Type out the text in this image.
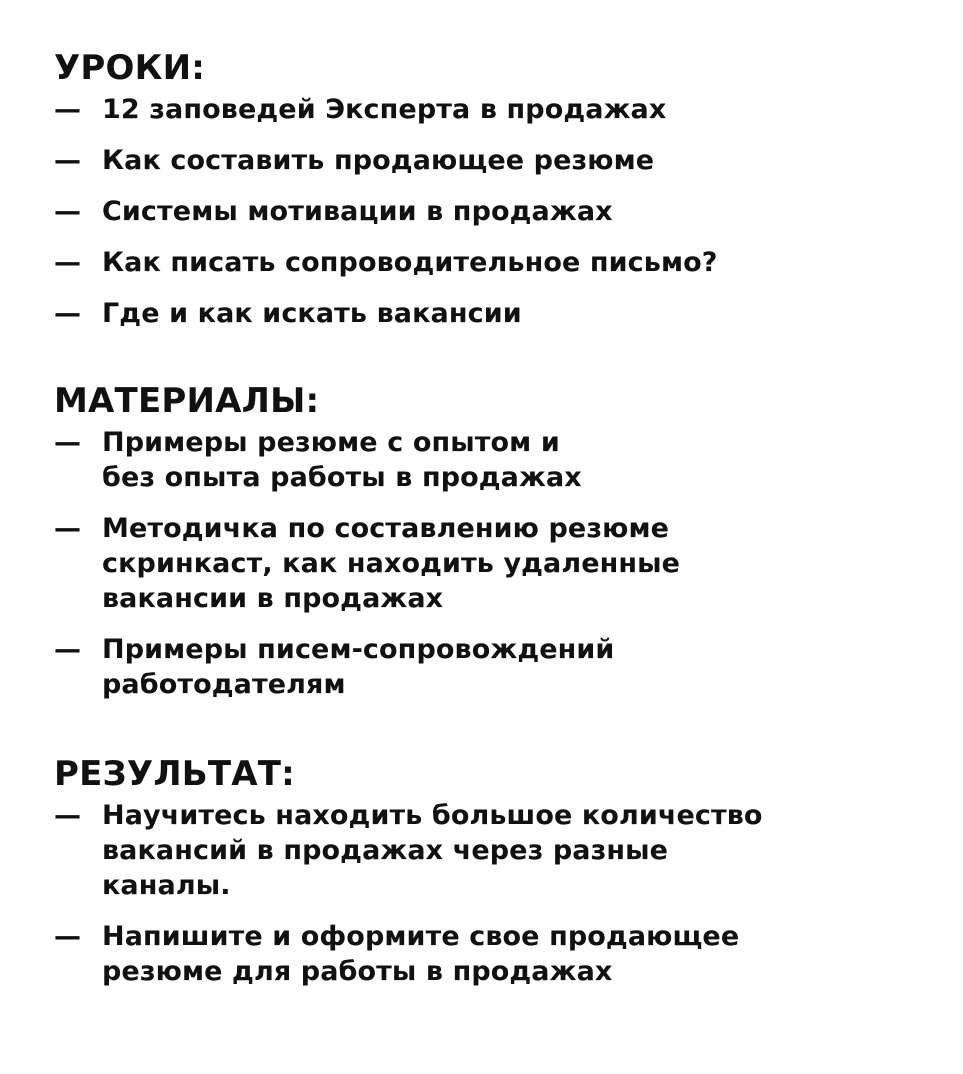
УРОКИ:
— 12 заповедей Эксперта в продажах
— Как составить продающее резюме
— Системы мотивации в продажах
— Как писать сопроводительное письмо?
— Где и как искать вакансии
МАТЕРИАЛЫ:
— Примеры резюме с опытом и
без опыта работы в продажах
— Методичка по составлению резюме
скринкаст, как находить удаленные
вакансии в продажах
— Примеры писем-сопровождений
работодателям
РЕЗУЛЬТАТ:
— Научитесь находить большое количество
вакансий в продажах через разные
каналы.
— Напишите и оформите свое продающее
резюме для работы в продажах
